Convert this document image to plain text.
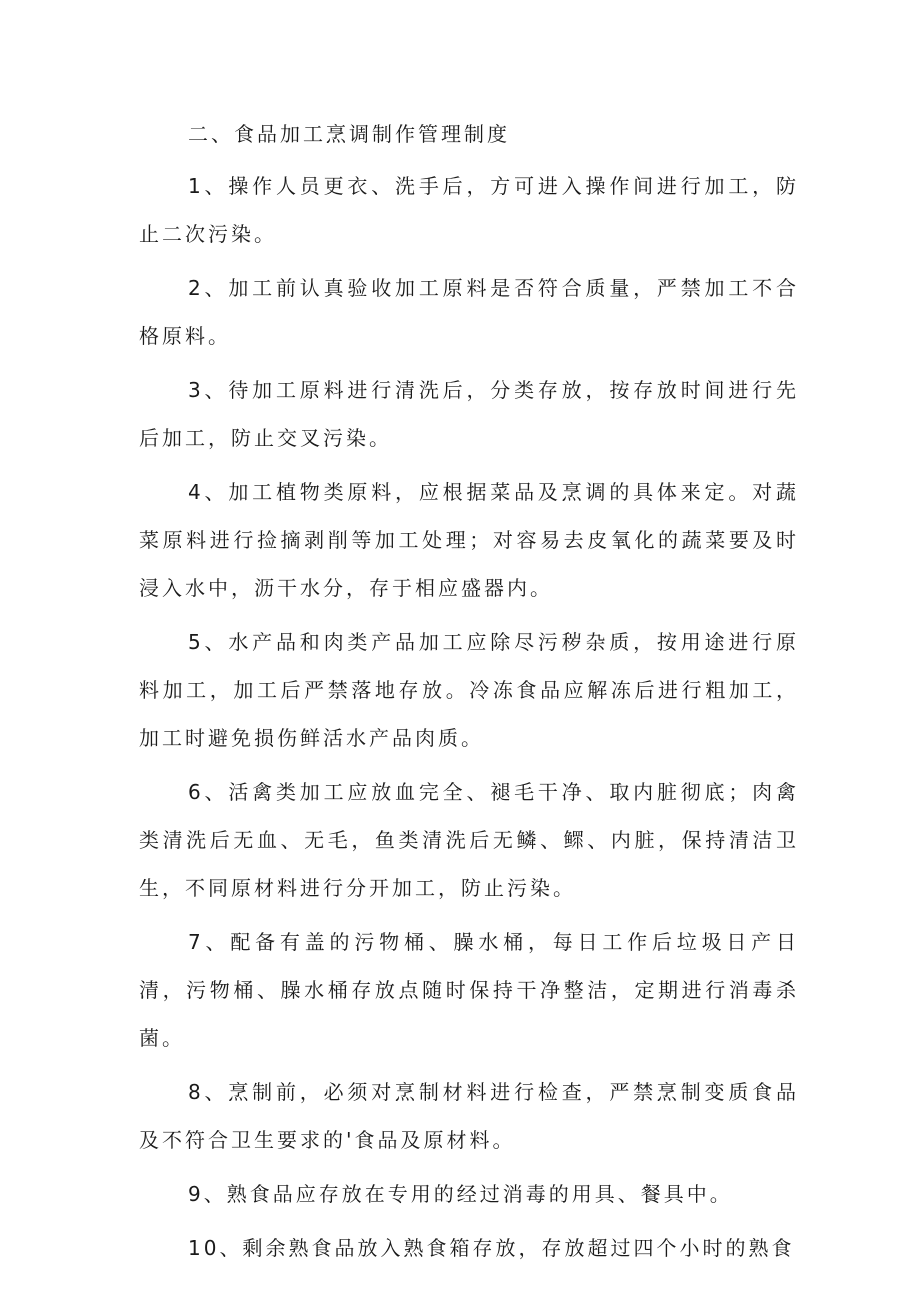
二、食品加工烹调制作管理制度

1、操作人员更衣、洗手后，方可进入操作间进行加工，防止二次污染。

2、加工前认真验收加工原料是否符合质量，严禁加工不合格原料。

3、待加工原料进行清洗后，分类存放，按存放时间进行先后加工，防止交叉污染。

4、加工植物类原料，应根据菜品及烹调的具体来定。对蔬菜原料进行捡摘剥削等加工处理；对容易去皮氧化的蔬菜要及时浸入水中，沥干水分，存于相应盛器内。

5、水产品和肉类产品加工应除尽污秽杂质，按用途进行原料加工，加工后严禁落地存放。冷冻食品应解冻后进行粗加工，加工时避免损伤鲜活水产品肉质。

6、活禽类加工应放血完全、褪毛干净、取内脏彻底；肉禽类清洗后无血、无毛，鱼类清洗后无鳞、鳏、内脏，保持清洁卫生，不同原材料进行分开加工，防止污染。

7、配备有盖的污物桶、臊水桶，每日工作后垃圾日产日清，污物桶、臊水桶存放点随时保持干净整洁，定期进行消毒杀菌。

8、烹制前，必须对烹制材料进行检查，严禁烹制变质食品及不符合卫生要求的'食品及原材料。

9、熟食品应存放在专用的经过消毒的用具、餐具中。

10、剩余熟食品放入熟食箱存放，存放超过四个小时的熟食
